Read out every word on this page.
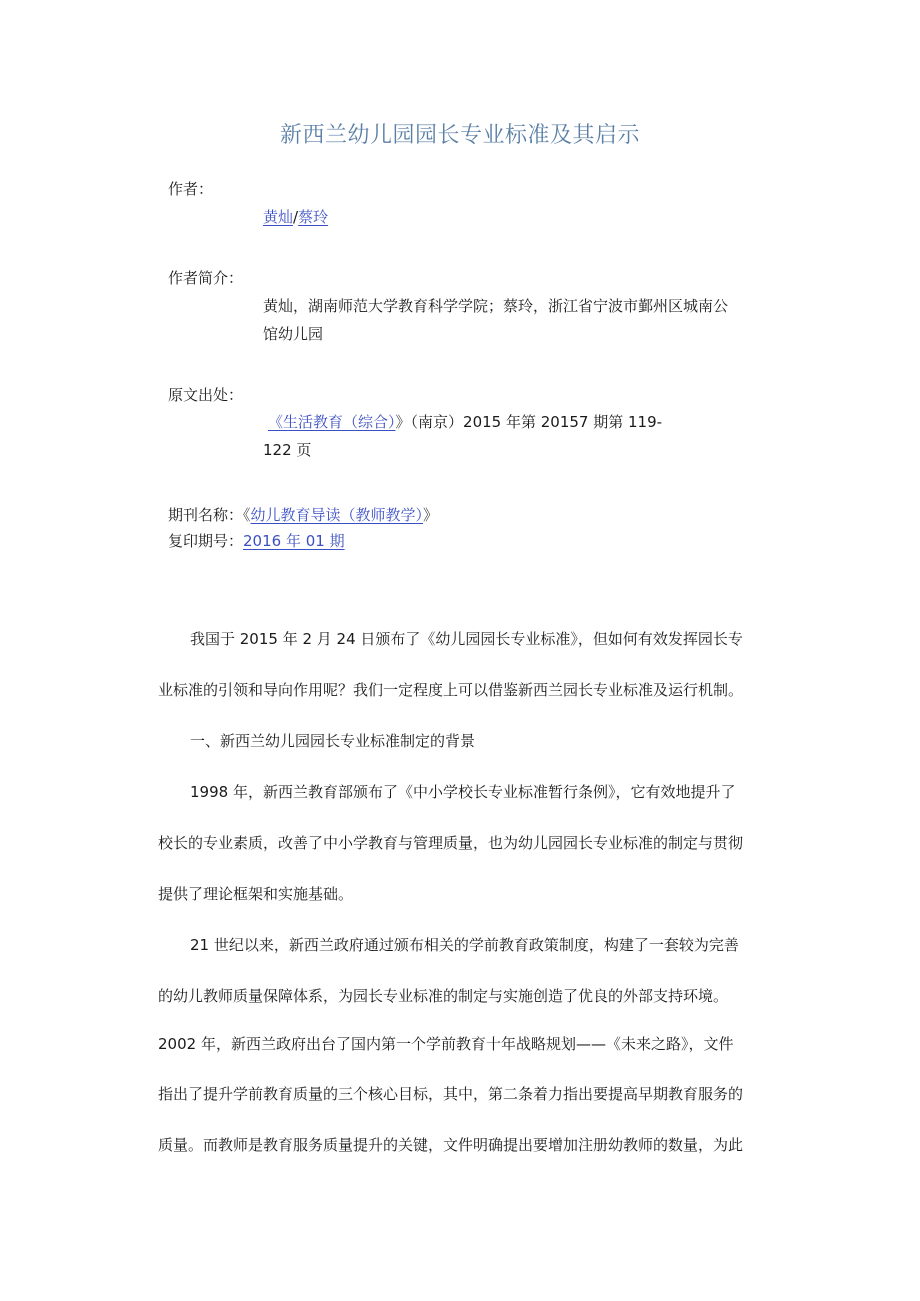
新西兰幼儿园园长专业标准及其启示
作者：
黄灿/蔡玲
作者简介：
黄灿，湖南师范大学教育科学学院；蔡玲，浙江省宁波市鄞州区城南公
馆幼儿园
原文出处：
《生活教育（综合）》（南京）2015 年第 20157 期第 119-
122 页
期刊名称：《幼儿教育导读（教师教学）》
复印期号：2016 年 01 期
我国于 2015 年 2 月 24 日颁布了《幼儿园园长专业标准》，但如何有效发挥园长专
业标准的引领和导向作用呢？我们一定程度上可以借鉴新西兰园长专业标准及运行机制。
一、新西兰幼儿园园长专业标准制定的背景
1998 年，新西兰教育部颁布了《中小学校长专业标准暂行条例》，它有效地提升了
校长的专业素质，改善了中小学教育与管理质量，也为幼儿园园长专业标准的制定与贯彻
提供了理论框架和实施基础。
21 世纪以来，新西兰政府通过颁布相关的学前教育政策制度，构建了一套较为完善
的幼儿教师质量保障体系，为园长专业标准的制定与实施创造了优良的外部支持环境。
2002 年，新西兰政府出台了国内第一个学前教育十年战略规划——《未来之路》，文件
指出了提升学前教育质量的三个核心目标，其中，第二条着力指出要提高早期教育服务的
质量。而教师是教育服务质量提升的关键，文件明确提出要增加注册幼教师的数量，为此
